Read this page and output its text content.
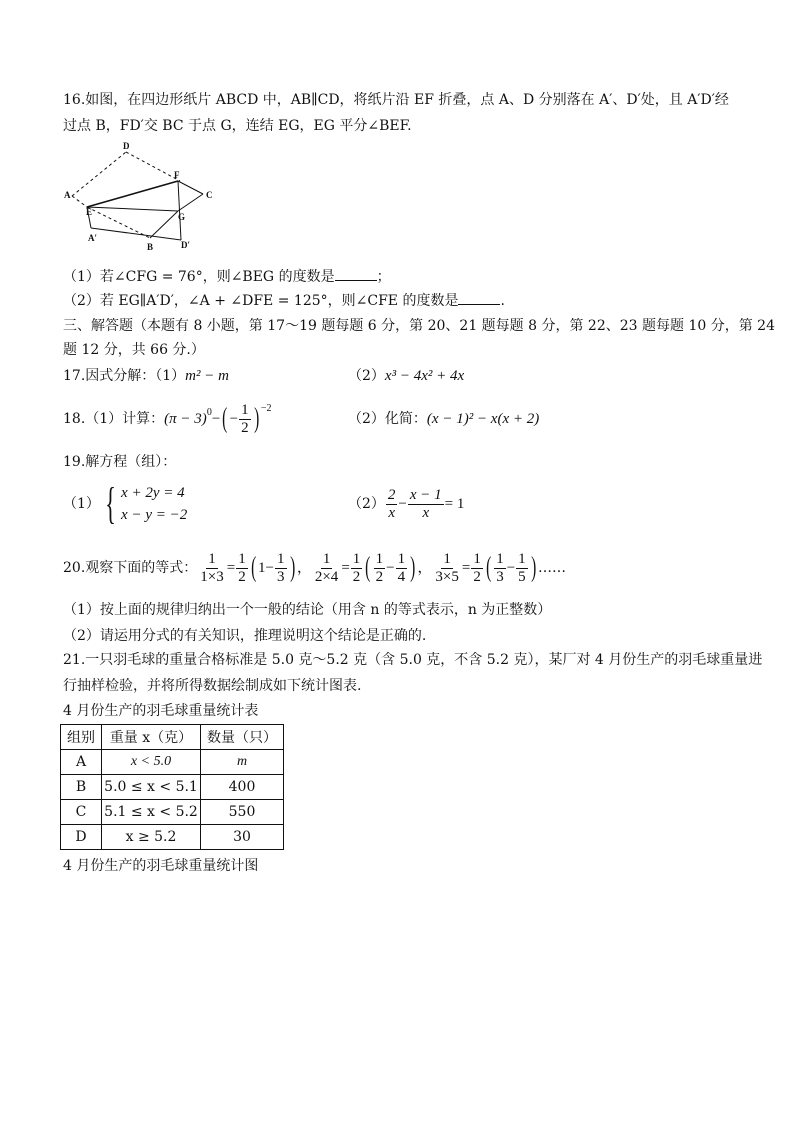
16.如图，在四边形纸片 ABCD 中，AB∥CD，将纸片沿 EF 折叠，点 A、D 分别落在 A′、D′处，且 A′D′经
过点 B，FD′交 BC 于点 G，连结 EG，EG 平分∠BEF.
D
F
C
A
E	G
A′
B	D′
（1）若∠CFG = 76°，则∠BEG 的度数是	；
（2）若 EG∥A′D′，∠A + ∠DFE = 125°，则∠CFE 的度数是	.
三、解答题（本题有 8 小题，第 17～19 题每题 6 分，第 20、21 题每题 8 分，第 22、23 题每题 10 分，第 24
题 12 分，共 66 分.）
17.因式分解：（1）m² − m	（2）x³ − 4x² + 4x
18.（1）计算： $(\pi - 3)^0$ − ( − $\frac{1}{2} )^{-2}$
（2）化简：(x − 1)² − x(x + 2)
19.解方程（组）：
（1） { x + 2y = 4
x − y = −2
$(2) \frac{2}{x} - \frac{x - 1}{x} = 1$
20.观察下面的等式： $\frac{1}{1\times 3} = \frac{1}{2}$ ( $1- \frac{1}{3}$ ) ， $\frac{1}{2\times 4} = \frac{1}{2}$ ( $\frac{1}{2} - \frac{1}{4}$ ) ， $\frac{1}{3\times 5} = \frac{1}{2}$ ( $\frac{1}{3} - \frac{1}{5}$ ) ……
（1）按上面的规律归纳出一个一般的结论（用含 n 的等式表示，n 为正整数）
（2）请运用分式的有关知识，推理说明这个结论是正确的.
21.一只羽毛球的重量合格标准是 5.0 克～5.2 克（含 5.0 克，不含 5.2 克），某厂对 4 月份生产的羽毛球重量进
行抽样检验，并将所得数据绘制成如下统计图表.
4 月份生产的羽毛球重量统计表
组别	重量 x（克）	数量（只）
A	x < 5.0	m
B	5.0 ≤ x < 5.1	400
C	5.1 ≤ x < 5.2	550
D	x ≥ 5.2	30
4 月份生产的羽毛球重量统计图
